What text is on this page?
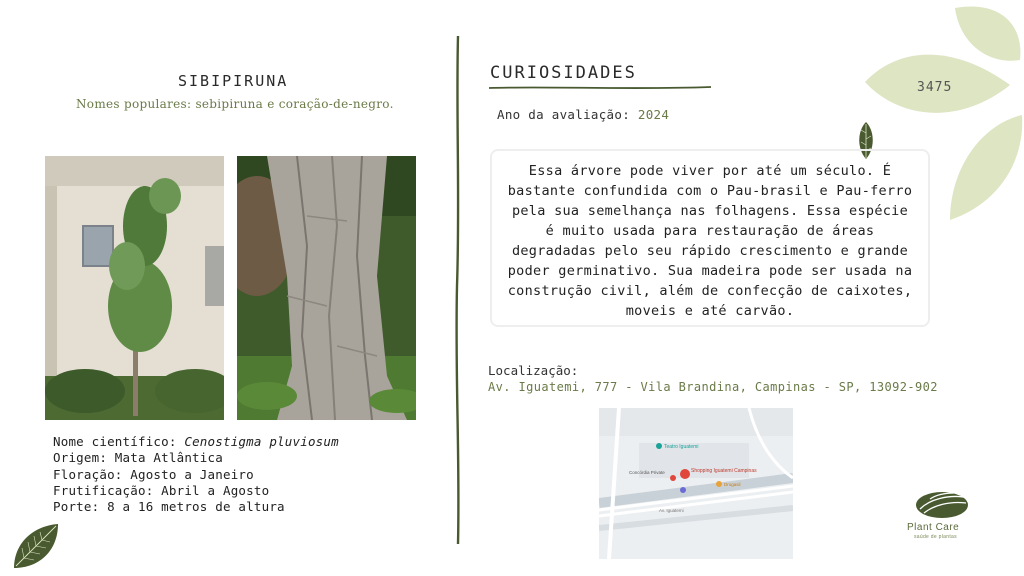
SIBIPIRUNA
Nomes populares: sebipiruna e coração-de-negro.
Nome científico: Cenostigma pluviosum
Origem: Mata Atlântica
Floração: Agosto a Janeiro
Frutificação: Abril a Agosto
Porte: 8 a 16 metros de altura
CURIOSIDADES
Ano da avaliação: 2024
Essa árvore pode viver por até um século. É bastante confundida com o Pau-brasil e Pau-ferro pela sua semelhança nas folhagens. Essa espécie é muito usada para restauração de áreas degradadas pelo seu rápido crescimento e grande poder germinativo. Sua madeira pode ser usada na construção civil, além de confecção de caixotes, moveis e até carvão.
Localização:
Av. Iguatemi, 777 - Vila Brandina, Campinas - SP, 13092-902
Teatro Iguatemi
Shopping Iguatemi Campinas
Drogasil
Concórdia Private
Av. Iguatemi
3475
Plant Care
saúde de plantas
